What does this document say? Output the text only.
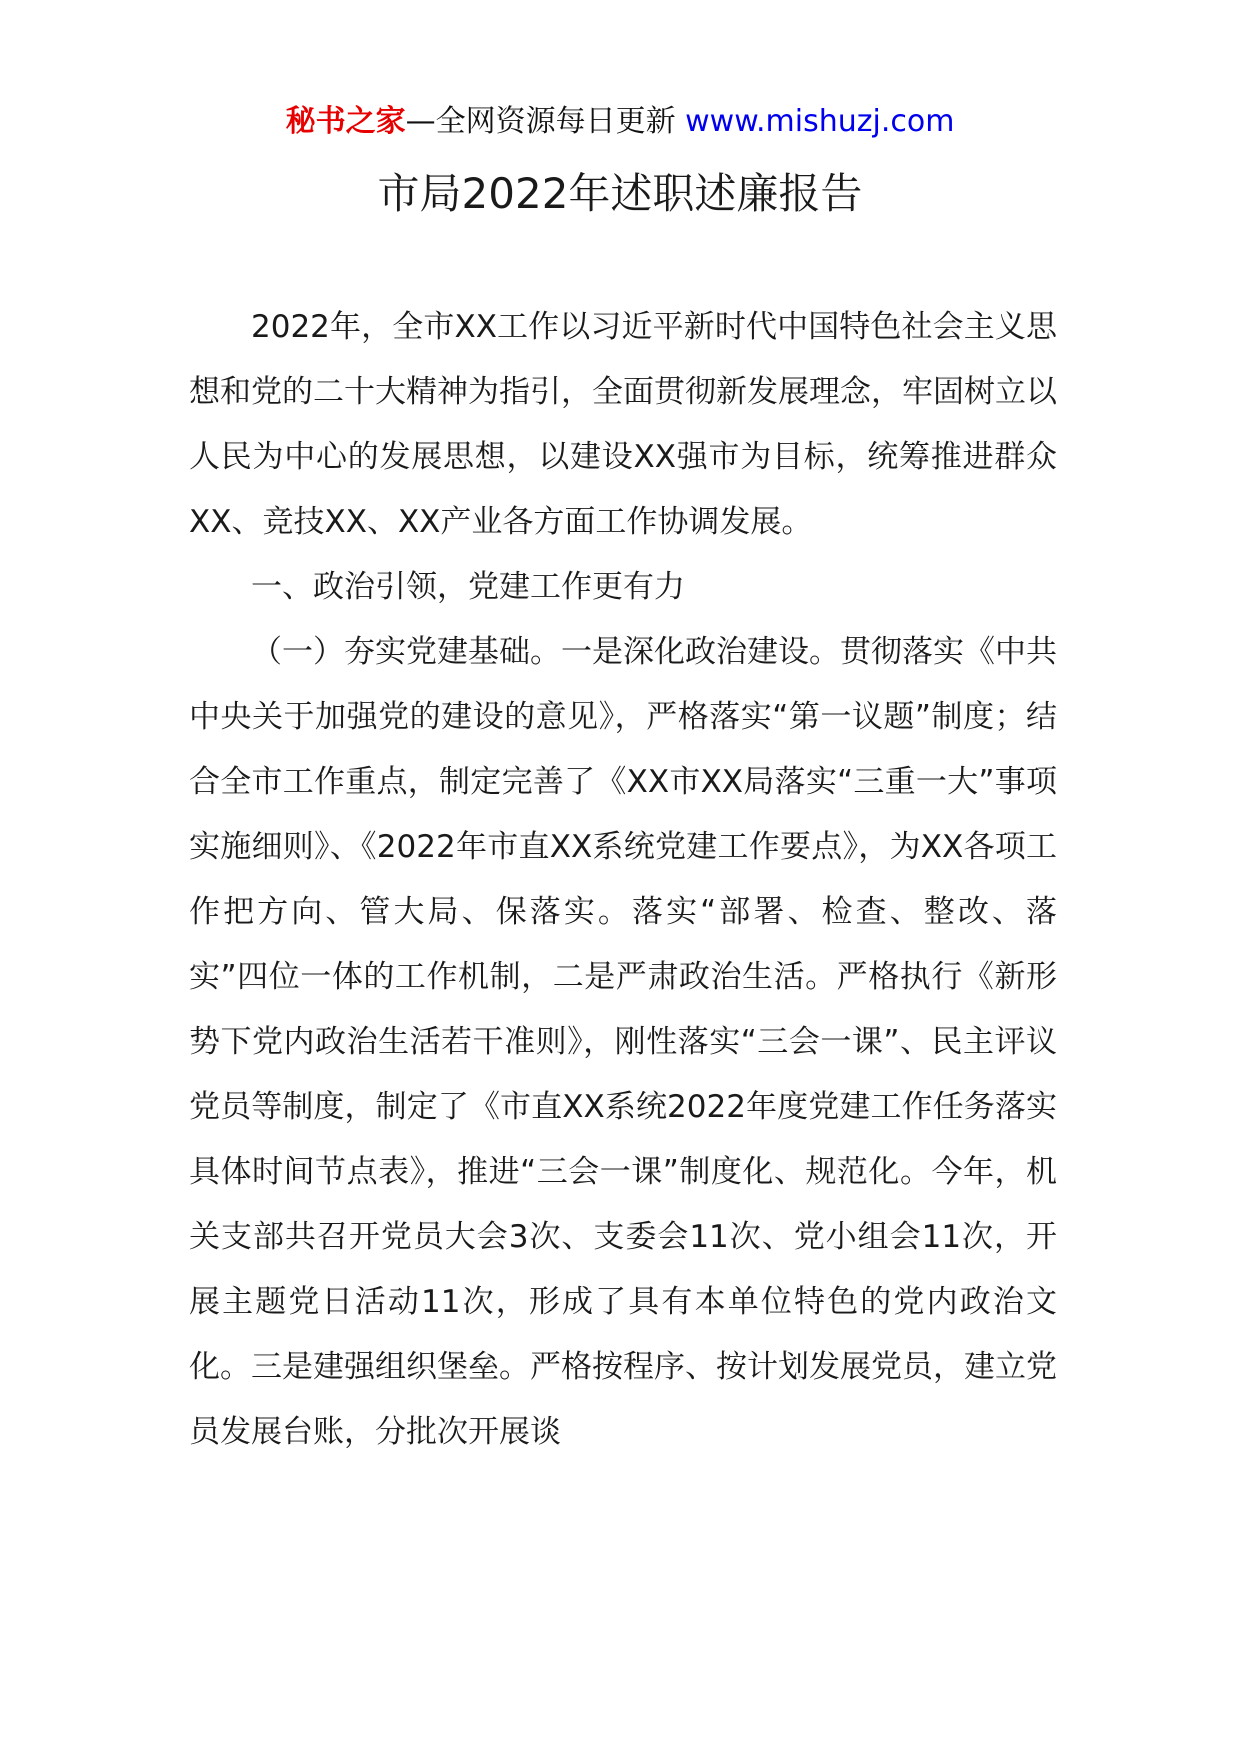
秘书之家—全网资源每日更新 www.mishuzj.com
市局2022年述职述廉报告

2022年，全市XX工作以习近平新时代中国特色社会主义思想和党的二十大精神为指引，全面贯彻新发展理念，牢固树立以人民为中心的发展思想，以建设XX强市为目标，统筹推进群众XX、竞技XX、XX产业各方面工作协调发展。

一、政治引领，党建工作更有力

（一）夯实党建基础。一是深化政治建设。贯彻落实《中共中央关于加强党的建设的意见》，严格落实“第一议题”制度；结合全市工作重点，制定完善了《XX市XX局落实“三重一大”事项实施细则》、《2022年市直XX系统党建工作要点》，为XX各项工作把方向、管大局、保落实。落实“部署、检查、整改、落实”四位一体的工作机制，二是严肃政治生活。严格执行《新形势下党内政治生活若干准则》，刚性落实“三会一课”、民主评议党员等制度，制定了《市直XX系统2022年度党建工作任务落实具体时间节点表》，推进“三会一课”制度化、规范化。今年，机关支部共召开党员大会3次、支委会11次、党小组会11次，开展主题党日活动11次，形成了具有本单位特色的党内政治文化。三是建强组织堡垒。严格按程序、按计划发展党员，建立党员发展台账，分批次开展谈
